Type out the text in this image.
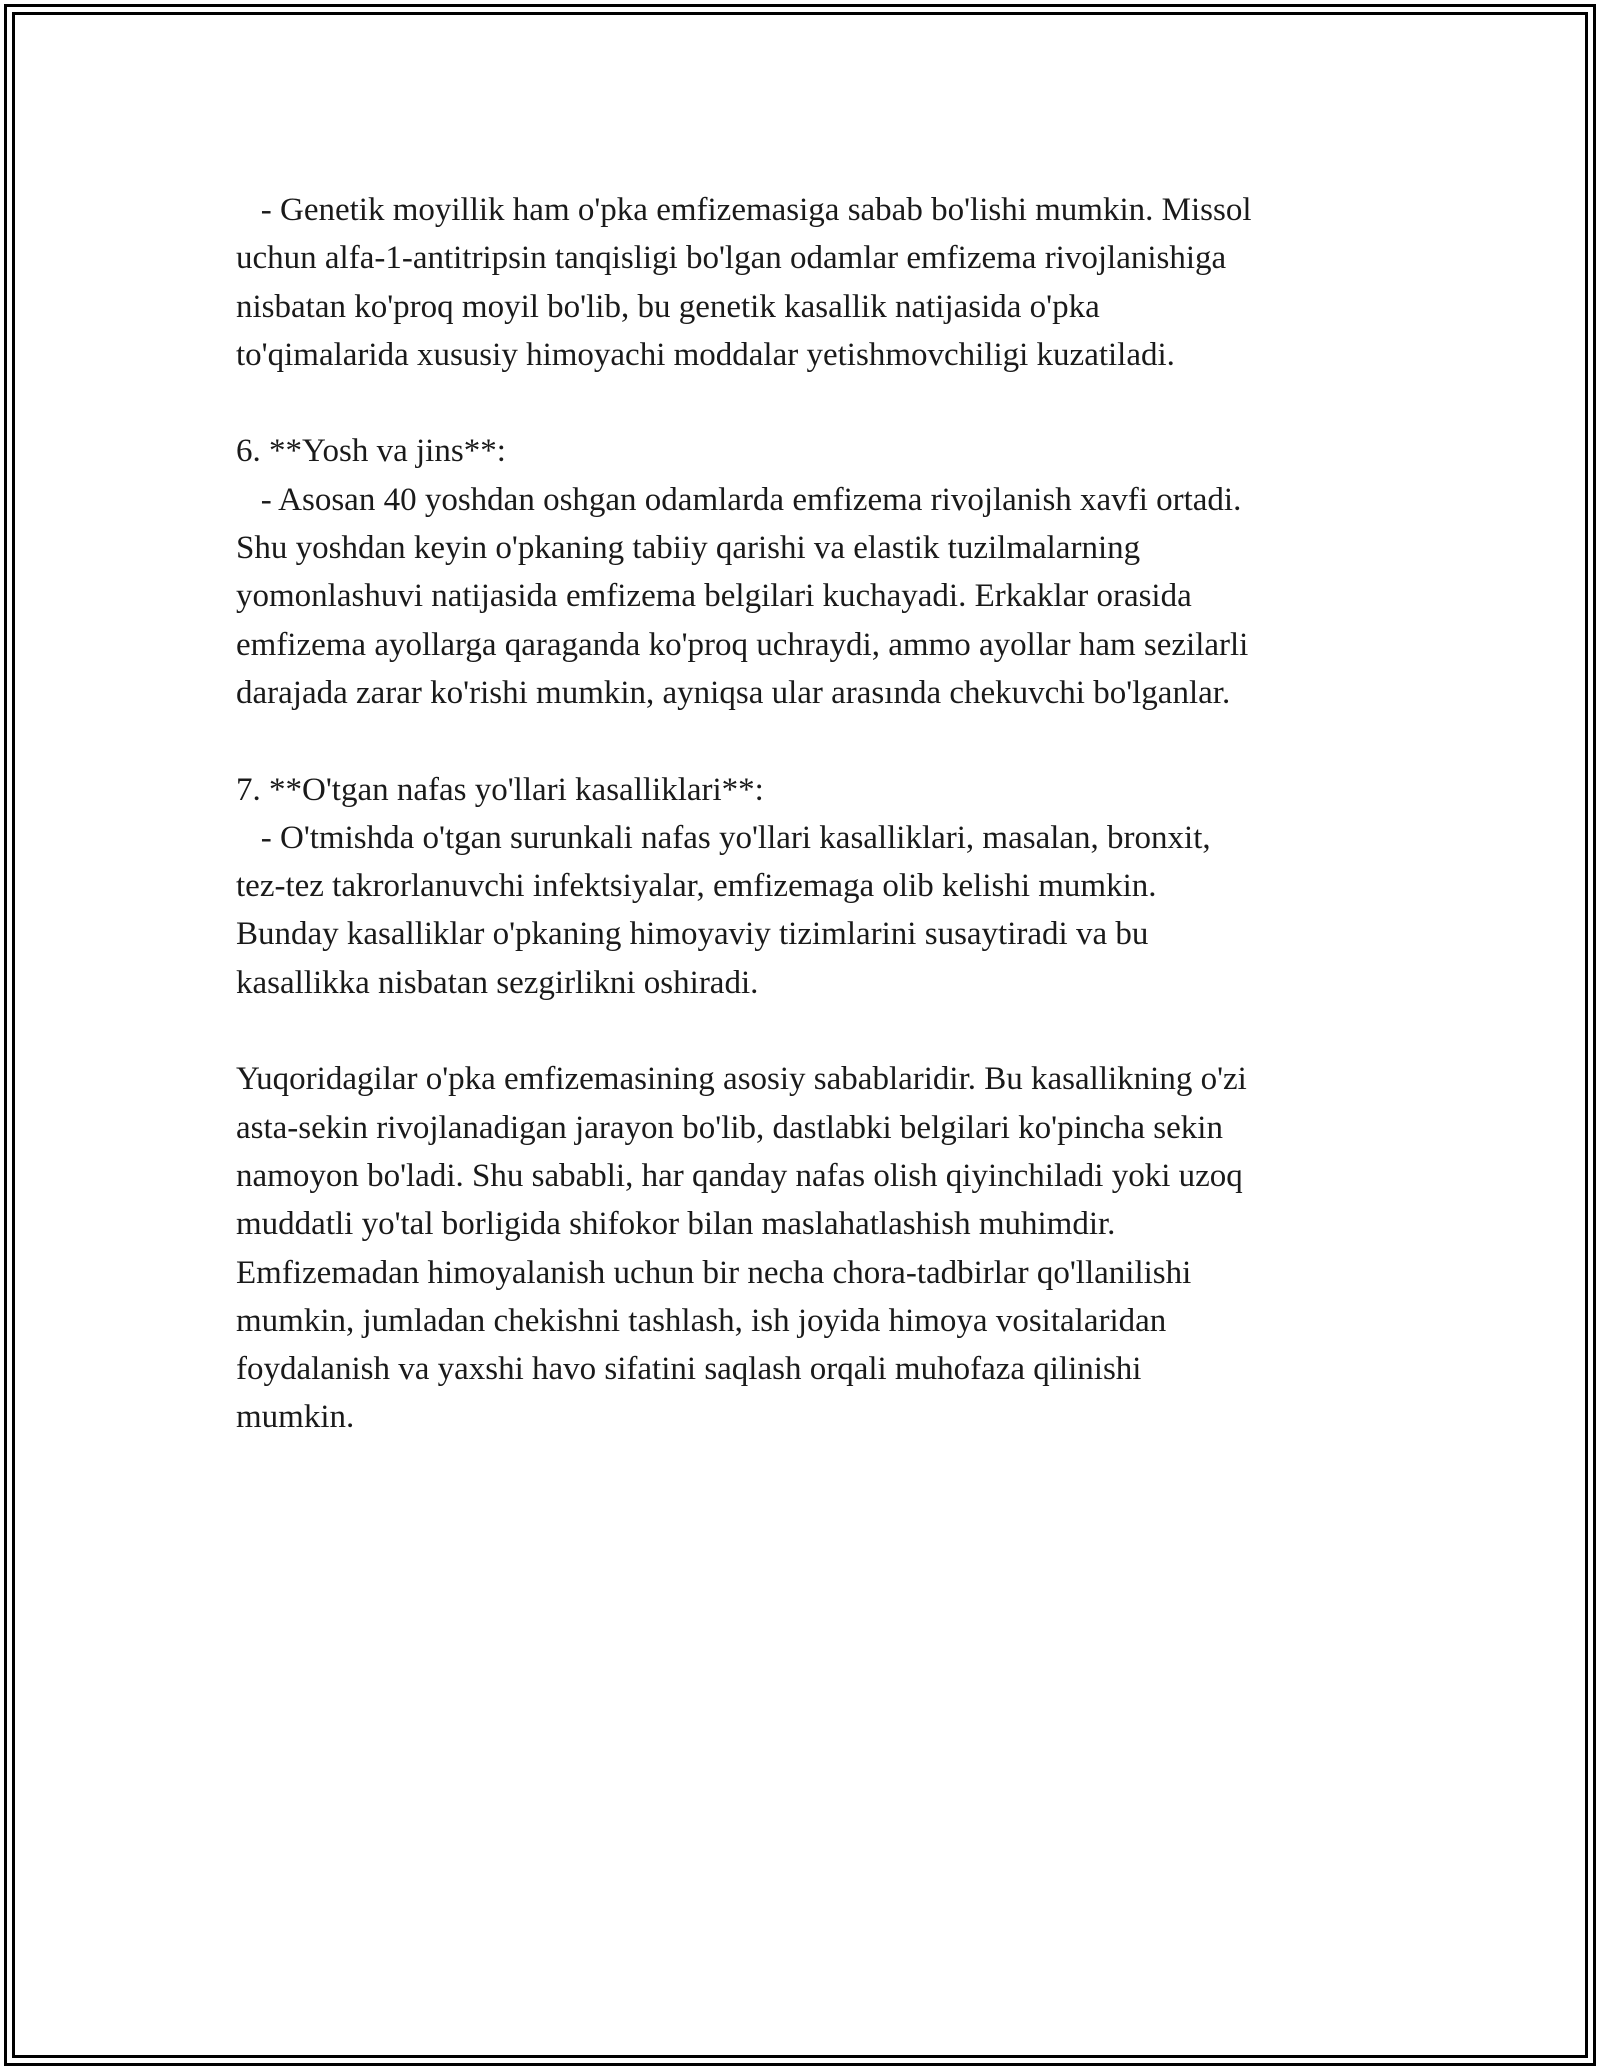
- Genetik moyillik ham o'pka emfizemasiga sabab bo'lishi mumkin. Missol
uchun alfa-1-antitripsin tanqisligi bo'lgan odamlar emfizema rivojlanishiga
nisbatan ko'proq moyil bo'lib, bu genetik kasallik natijasida o'pka
to'qimalarida xususiy himoyachi moddalar yetishmovchiligi kuzatiladi.
6. **Yosh va jins**:
- Asosan 40 yoshdan oshgan odamlarda emfizema rivojlanish xavfi ortadi.
Shu yoshdan keyin o'pkaning tabiiy qarishi va elastik tuzilmalarning
yomonlashuvi natijasida emfizema belgilari kuchayadi. Erkaklar orasida
emfizema ayollarga qaraganda ko'proq uchraydi, ammo ayollar ham sezilarli
darajada zarar ko'rishi mumkin, ayniqsa ular arasında chekuvchi bo'lganlar.
7. **O'tgan nafas yo'llari kasalliklari**:
- O'tmishda o'tgan surunkali nafas yo'llari kasalliklari, masalan, bronxit,
tez-tez takrorlanuvchi infektsiyalar, emfizemaga olib kelishi mumkin.
Bunday kasalliklar o'pkaning himoyaviy tizimlarini susaytiradi va bu
kasallikka nisbatan sezgirlikni oshiradi.
Yuqoridagilar o'pka emfizemasining asosiy sabablaridir. Bu kasallikning o'zi
asta-sekin rivojlanadigan jarayon bo'lib, dastlabki belgilari ko'pincha sekin
namoyon bo'ladi. Shu sababli, har qanday nafas olish qiyinchiladi yoki uzoq
muddatli yo'tal borligida shifokor bilan maslahatlashish muhimdir.
Emfizemadan himoyalanish uchun bir necha chora-tadbirlar qo'llanilishi
mumkin, jumladan chekishni tashlash, ish joyida himoya vositalaridan
foydalanish va yaxshi havo sifatini saqlash orqali muhofaza qilinishi
mumkin.
